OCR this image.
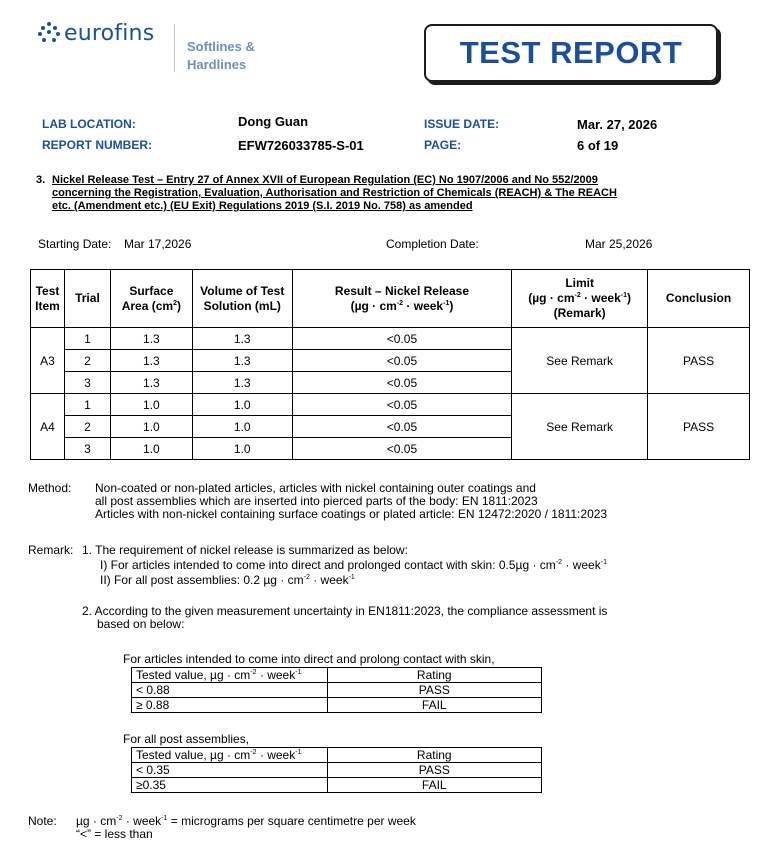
eurofins
Softlines &
Hardlines	TEST REPORT
LAB LOCATION:	Dong Guan	ISSUE DATE:	Mar. 27, 2026
REPORT NUMBER:	EFW726033785-S-01	PAGE:	6 of 19
3. Nickel Release Test – Entry 27 of Annex XVII of European Regulation (EC) No 1907/2006 and No 552/2009
concerning the Registration, Evaluation, Authorisation and Restriction of Chemicals (REACH) & The REACH
etc. (Amendment etc.) (EU Exit) Regulations 2019 (S.I. 2019 No. 758) as amended
Starting Date: Mar 17,2026	Completion Date:	Mar 25,2026
Test
Item	Trial	Surface
Area $(cm^2)$	Volume of Test
Solution (mL)	Result – Nickel Release
($\mu g \cdot cm^{-2}$ · week$^{-1}$)	Limit
($\mu g \cdot cm^{-2}$ · week$^{-1}$)
(Remark)	Conclusion
A3	1	1.3	1.3	<0.05	See Remark	PASS
	2	1.3	1.3	<0.05		
	3	1.3	1.3	<0.05		
A4	1	1.0	1.0	<0.05	See Remark	PASS
	2	1.0	1.0	<0.05		
	3	1.0	1.0	<0.05		
Method: Non-coated or non-plated articles, articles with nickel containing outer coatings and
all post assemblies which are inserted into pierced parts of the body: EN 1811:2023
Articles with non-nickel containing surface coatings or plated article: EN 12472:2020 / 1811:2023
Remark: 1. The requirement of nickel release is summarized as below:
I) For articles intended to come into direct and prolonged contact with skin: $0.5\mu g \cdot cm^{-2}$ · week$^{-1}$
II) For all post assemblies: 0.2 $\mu g \cdot cm^{-2}$ · week$^{-1}$
2. According to the given measurement uncertainty in EN1811:2023, the compliance assessment is
based on below:
For articles intended to come into direct and prolong contact with skin,
Tested value, $\mu g \cdot cm^{-2}$ · week$^{-1}$	Rating
< 0.88	PASS
≥ 0.88	FAIL
For all post assemblies,
Tested value, $\mu g \cdot cm^{-2}$ · week$^{-1}$	Rating
< 0.35	PASS
≥0.35	FAIL
Note: $\mu g \cdot cm^{-2}$ · week$^{-1}$ = micrograms per square centimetre per week
“<” = less than
